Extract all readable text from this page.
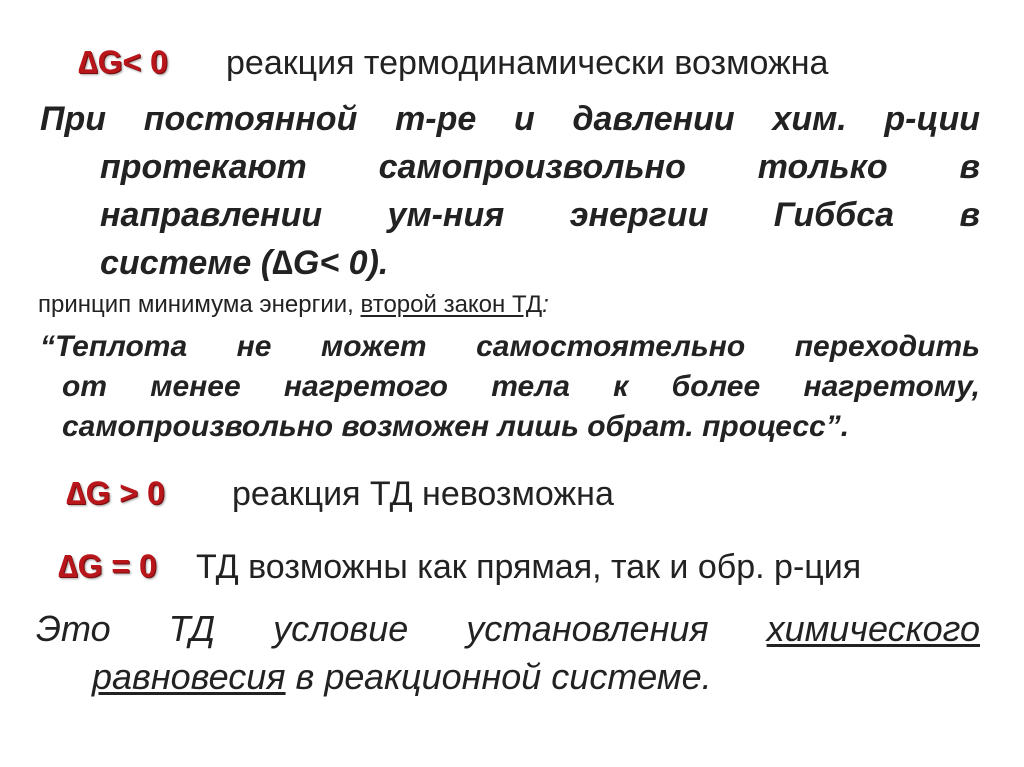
∆G< 0 реакция термодинамически возможна
При постоянной т-ре и давлении хим. р-ции
протекают самопроизвольно только в
направлении ум-ния энергии Гиббса в
системе (∆G< 0).
принцип минимума энергии, второй закон ТД:
“Теплота не может самостоятельно переходить
от менее нагретого тела к более нагретому,
самопроизвольно возможен лишь обрат. процесс”.
∆G > 0 реакция ТД невозможна
∆G = 0 ТД возможны как прямая, так и обр. р-ция
Это ТД условие установления химического
равновесия в реакционной системе.
